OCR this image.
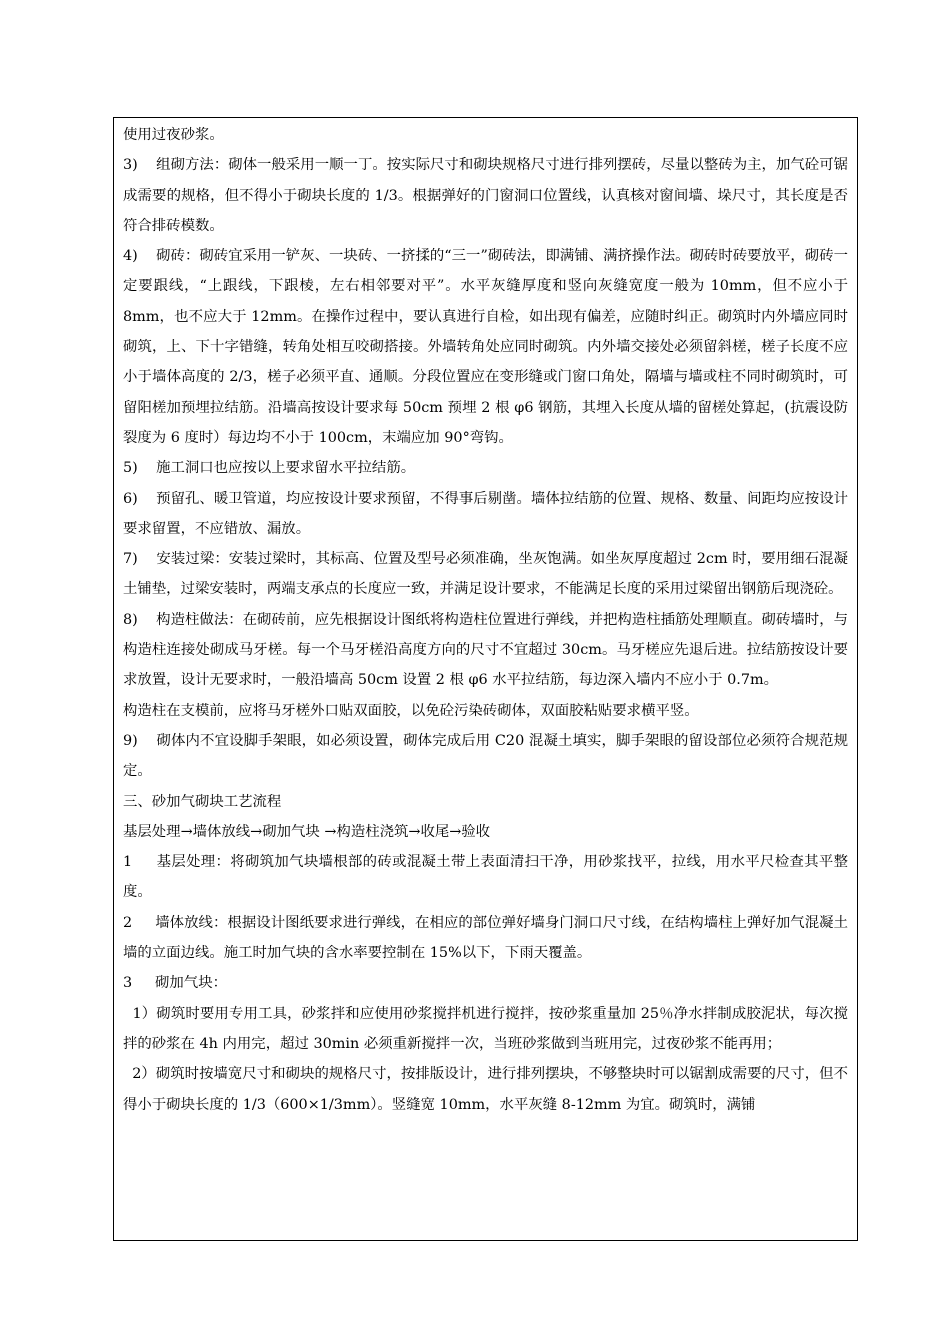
使用过夜砂浆。

3)    组砌方法：砌体一般采用一顺一丁。按实际尺寸和砌块规格尺寸进行排列摆砖，尽量以整砖为主，加气砼可锯成需要的规格，但不得小于砌块长度的 1/3。根据弹好的门窗洞口位置线，认真核对窗间墙、垛尺寸，其长度是否符合排砖模数。

4)    砌砖：砌砖宜采用一铲灰、一块砖、一挤揉的“三一”砌砖法，即满铺、满挤操作法。砌砖时砖要放平，砌砖一定要跟线，“上跟线，下跟棱，左右相邻要对平”。水平灰缝厚度和竖向灰缝宽度一般为 10mm，但不应小于 8mm，也不应大于 12mm。在操作过程中，要认真进行自检，如出现有偏差，应随时纠正。砌筑时内外墙应同时砌筑，上、下十字错缝，转角处相互咬砌搭接。外墙转角处应同时砌筑。内外墙交接处必须留斜槎，槎子长度不应小于墙体高度的 2/3，槎子必须平直、通顺。分段位置应在变形缝或门窗口角处，隔墙与墙或柱不同时砌筑时，可留阳槎加预埋拉结筋。沿墙高按设计要求每 50cm 预埋 2 根 φ6 钢筋，其埋入长度从墙的留槎处算起，(抗震设防裂度为 6 度时）每边均不小于 100cm，末端应加 90°弯钩。

5)    施工洞口也应按以上要求留水平拉结筋。

6)    预留孔、暖卫管道，均应按设计要求预留，不得事后剔凿。墙体拉结筋的位置、规格、数量、间距均应按设计要求留置，不应错放、漏放。

7)    安装过梁：安装过梁时，其标高、位置及型号必须准确，坐灰饱满。如坐灰厚度超过 2cm 时，要用细石混凝土铺垫，过梁安装时，两端支承点的长度应一致，并满足设计要求，不能满足长度的采用过梁留出钢筋后现浇砼。

8)    构造柱做法：在砌砖前，应先根据设计图纸将构造柱位置进行弹线，并把构造柱插筋处理顺直。砌砖墙时，与构造柱连接处砌成马牙槎。每一个马牙槎沿高度方向的尺寸不宜超过 30cm。马牙槎应先退后进。拉结筋按设计要求放置，设计无要求时，一般沿墙高 50cm 设置 2 根 φ6 水平拉结筋，每边深入墙内不应小于 0.7m。

构造柱在支模前，应将马牙槎外口贴双面胶，以免砼污染砖砌体，双面胶粘贴要求横平竖。

9)    砌体内不宜设脚手架眼，如必须设置，砌体完成后用 C20 混凝土填实，脚手架眼的留设部位必须符合规范规定。

三、砂加气砌块工艺流程

基层处理→墙体放线→砌加气块 →构造柱浇筑→收尾→验收

1     基层处理：将砌筑加气块墙根部的砖或混凝土带上表面清扫干净，用砂浆找平，拉线，用水平尺检查其平整度。

2     墙体放线：根据设计图纸要求进行弹线，在相应的部位弹好墙身门洞口尺寸线，在结构墙柱上弹好加气混凝土墙的立面边线。施工时加气块的含水率要控制在 15%以下，下雨天覆盖。

3     砌加气块：

1）砌筑时要用专用工具，砂浆拌和应使用砂浆搅拌机进行搅拌，按砂浆重量加 25％净水拌制成胶泥状，每次搅拌的砂浆在 4h 内用完，超过 30min 必须重新搅拌一次，当班砂浆做到当班用完，过夜砂浆不能再用；

2）砌筑时按墙宽尺寸和砌块的规格尺寸，按排版设计，进行排列摆块，不够整块时可以锯割成需要的尺寸，但不得小于砌块长度的 1/3（600×1/3mm）。竖缝宽 10mm，水平灰缝 8-12mm 为宜。砌筑时，满铺
